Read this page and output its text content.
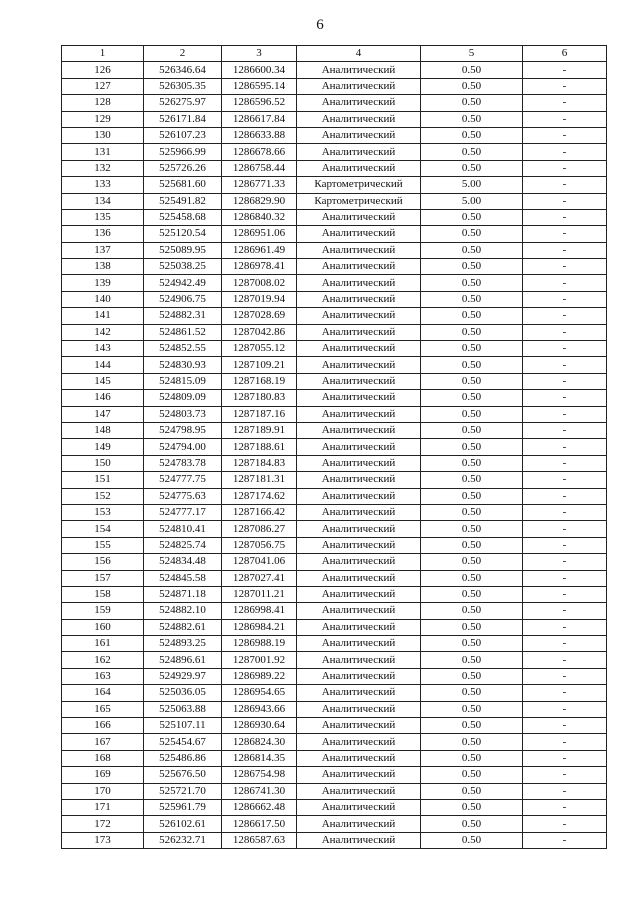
6
1	2	3	4	5	6
126	526346.64	1286600.34	Аналитический	0.50	-
127	526305.35	1286595.14	Аналитический	0.50	-
128	526275.97	1286596.52	Аналитический	0.50	-
129	526171.84	1286617.84	Аналитический	0.50	-
130	526107.23	1286633.88	Аналитический	0.50	-
131	525966.99	1286678.66	Аналитический	0.50	-
132	525726.26	1286758.44	Аналитический	0.50	-
133	525681.60	1286771.33	Картометрический	5.00	-
134	525491.82	1286829.90	Картометрический	5.00	-
135	525458.68	1286840.32	Аналитический	0.50	-
136	525120.54	1286951.06	Аналитический	0.50	-
137	525089.95	1286961.49	Аналитический	0.50	-
138	525038.25	1286978.41	Аналитический	0.50	-
139	524942.49	1287008.02	Аналитический	0.50	-
140	524906.75	1287019.94	Аналитический	0.50	-
141	524882.31	1287028.69	Аналитический	0.50	-
142	524861.52	1287042.86	Аналитический	0.50	-
143	524852.55	1287055.12	Аналитический	0.50	-
144	524830.93	1287109.21	Аналитический	0.50	-
145	524815.09	1287168.19	Аналитический	0.50	-
146	524809.09	1287180.83	Аналитический	0.50	-
147	524803.73	1287187.16	Аналитический	0.50	-
148	524798.95	1287189.91	Аналитический	0.50	-
149	524794.00	1287188.61	Аналитический	0.50	-
150	524783.78	1287184.83	Аналитический	0.50	-
151	524777.75	1287181.31	Аналитический	0.50	-
152	524775.63	1287174.62	Аналитический	0.50	-
153	524777.17	1287166.42	Аналитический	0.50	-
154	524810.41	1287086.27	Аналитический	0.50	-
155	524825.74	1287056.75	Аналитический	0.50	-
156	524834.48	1287041.06	Аналитический	0.50	-
157	524845.58	1287027.41	Аналитический	0.50	-
158	524871.18	1287011.21	Аналитический	0.50	-
159	524882.10	1286998.41	Аналитический	0.50	-
160	524882.61	1286984.21	Аналитический	0.50	-
161	524893.25	1286988.19	Аналитический	0.50	-
162	524896.61	1287001.92	Аналитический	0.50	-
163	524929.97	1286989.22	Аналитический	0.50	-
164	525036.05	1286954.65	Аналитический	0.50	-
165	525063.88	1286943.66	Аналитический	0.50	-
166	525107.11	1286930.64	Аналитический	0.50	-
167	525454.67	1286824.30	Аналитический	0.50	-
168	525486.86	1286814.35	Аналитический	0.50	-
169	525676.50	1286754.98	Аналитический	0.50	-
170	525721.70	1286741.30	Аналитический	0.50	-
171	525961.79	1286662.48	Аналитический	0.50	-
172	526102.61	1286617.50	Аналитический	0.50	-
173	526232.71	1286587.63	Аналитический	0.50	-
